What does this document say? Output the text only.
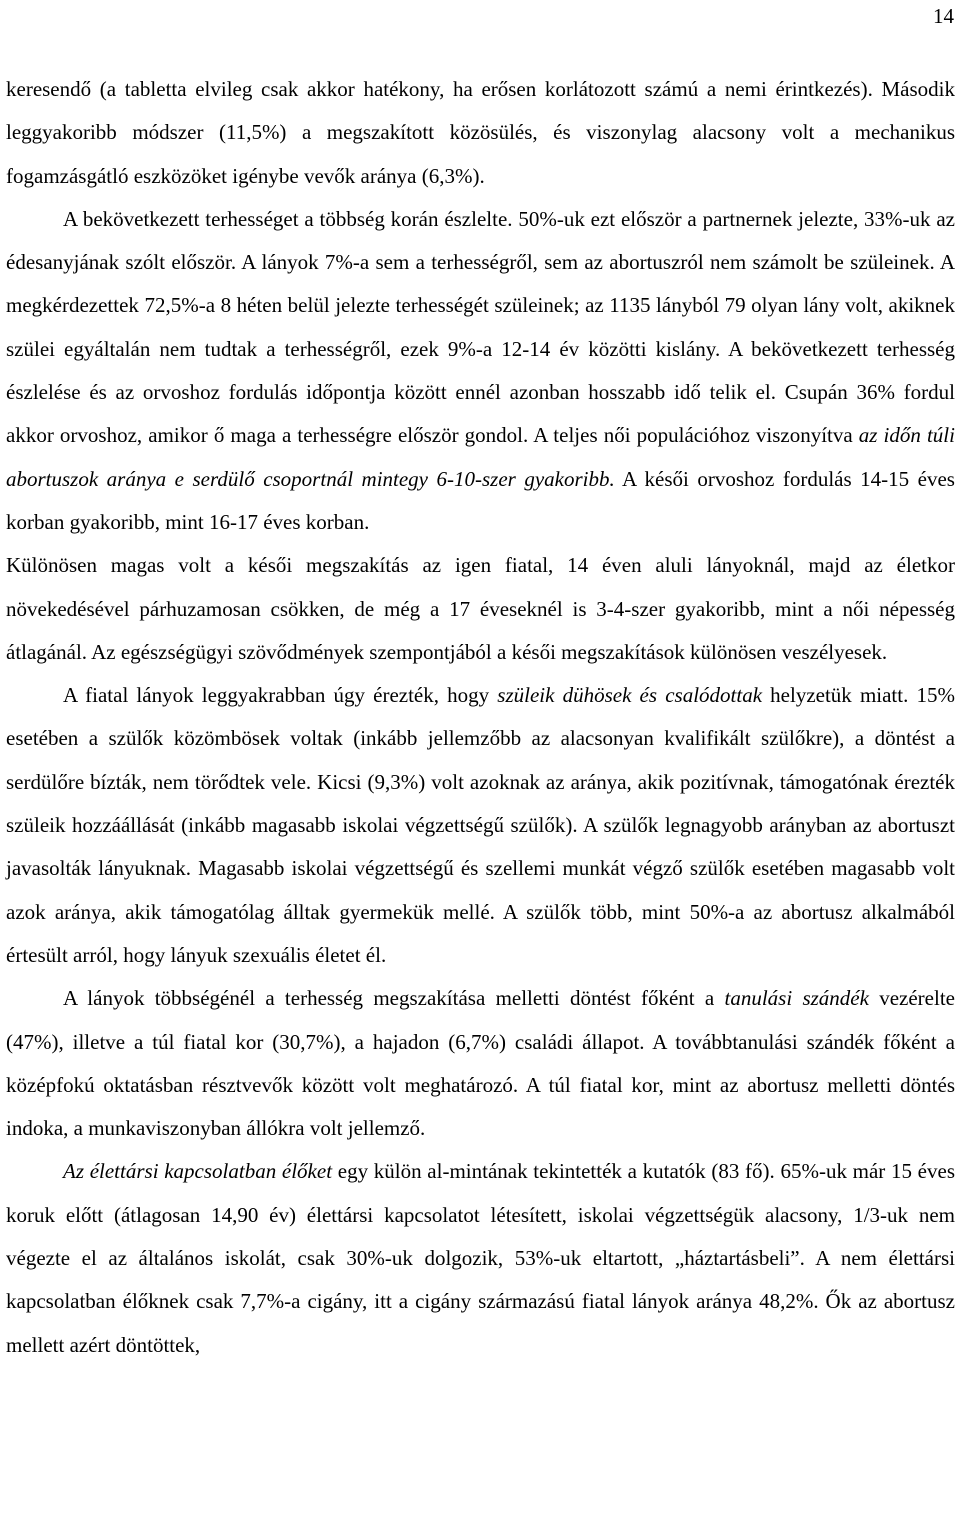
14

keresendő (a tabletta elvileg csak akkor hatékony, ha erősen korlátozott számú a nemi érintkezés). Második leggyakoribb módszer (11,5%) a megszakított közösülés, és viszonylag alacsony volt a mechanikus fogamzásgátló eszközöket igénybe vevők aránya (6,3%).

A bekövetkezett terhességet a többség korán észlelte. 50%-uk ezt először a partnernek jelezte, 33%-uk az édesanyjának szólt először. A lányok 7%-a sem a terhességről, sem az abortuszról nem számolt be szüleinek. A megkérdezettek 72,5%-a 8 héten belül jelezte terhességét szüleinek; az 1135 lányból 79 olyan lány volt, akiknek szülei egyáltalán nem tudtak a terhességről, ezek 9%-a 12-14 év közötti kislány. A bekövetkezett terhesség észlelése és az orvoshoz fordulás időpontja között ennél azonban hosszabb idő telik el. Csupán 36% fordul akkor orvoshoz, amikor ő maga a terhességre először gondol. A teljes női populációhoz viszonyítva az időn túli abortuszok aránya e serdülő csoportnál mintegy 6-10-szer gyakoribb. A késői orvoshoz fordulás 14-15 éves korban gyakoribb, mint 16-17 éves korban.

Különösen magas volt a késői megszakítás az igen fiatal, 14 éven aluli lányoknál, majd az életkor növekedésével párhuzamosan csökken, de még a 17 éveseknél is 3-4-szer gyakoribb, mint a női népesség átlagánál. Az egészségügyi szövődmények szempontjából a késői megszakítások különösen veszélyesek.

A fiatal lányok leggyakrabban úgy érezték, hogy szüleik dühösek és csalódottak helyzetük miatt. 15% esetében a szülők közömbösek voltak (inkább jellemzőbb az alacsonyan kvalifikált szülőkre), a döntést a serdülőre bízták, nem törődtek vele. Kicsi (9,3%) volt azoknak az aránya, akik pozitívnak, támogatónak érezték szüleik hozzáállását (inkább magasabb iskolai végzettségű szülők). A szülők legnagyobb arányban az abortuszt javasolták lányuknak. Magasabb iskolai végzettségű és szellemi munkát végző szülők esetében magasabb volt azok aránya, akik támogatólag álltak gyermekük mellé. A szülők több, mint 50%-a az abortusz alkalmából értesült arról, hogy lányuk szexuális életet él.

A lányok többségénél a terhesség megszakítása melletti döntést főként a tanulási szándék vezérelte (47%), illetve a túl fiatal kor (30,7%), a hajadon (6,7%) családi állapot. A továbbtanulási szándék főként a középfokú oktatásban résztvevők között volt meghatározó. A túl fiatal kor, mint az abortusz melletti döntés indoka, a munkaviszonyban állókra volt jellemző.

Az élettársi kapcsolatban élőket egy külön al-mintának tekintették a kutatók (83 fő). 65%-uk már 15 éves koruk előtt (átlagosan 14,90 év) élettársi kapcsolatot létesített, iskolai végzettségük alacsony, 1/3-uk nem végezte el az általános iskolát, csak 30%-uk dolgozik, 53%-uk eltartott, „háztartásbeli”. A nem élettársi kapcsolatban élőknek csak 7,7%-a cigány, itt a cigány származású fiatal lányok aránya 48,2%. Ők az abortusz mellett azért döntöttek,
